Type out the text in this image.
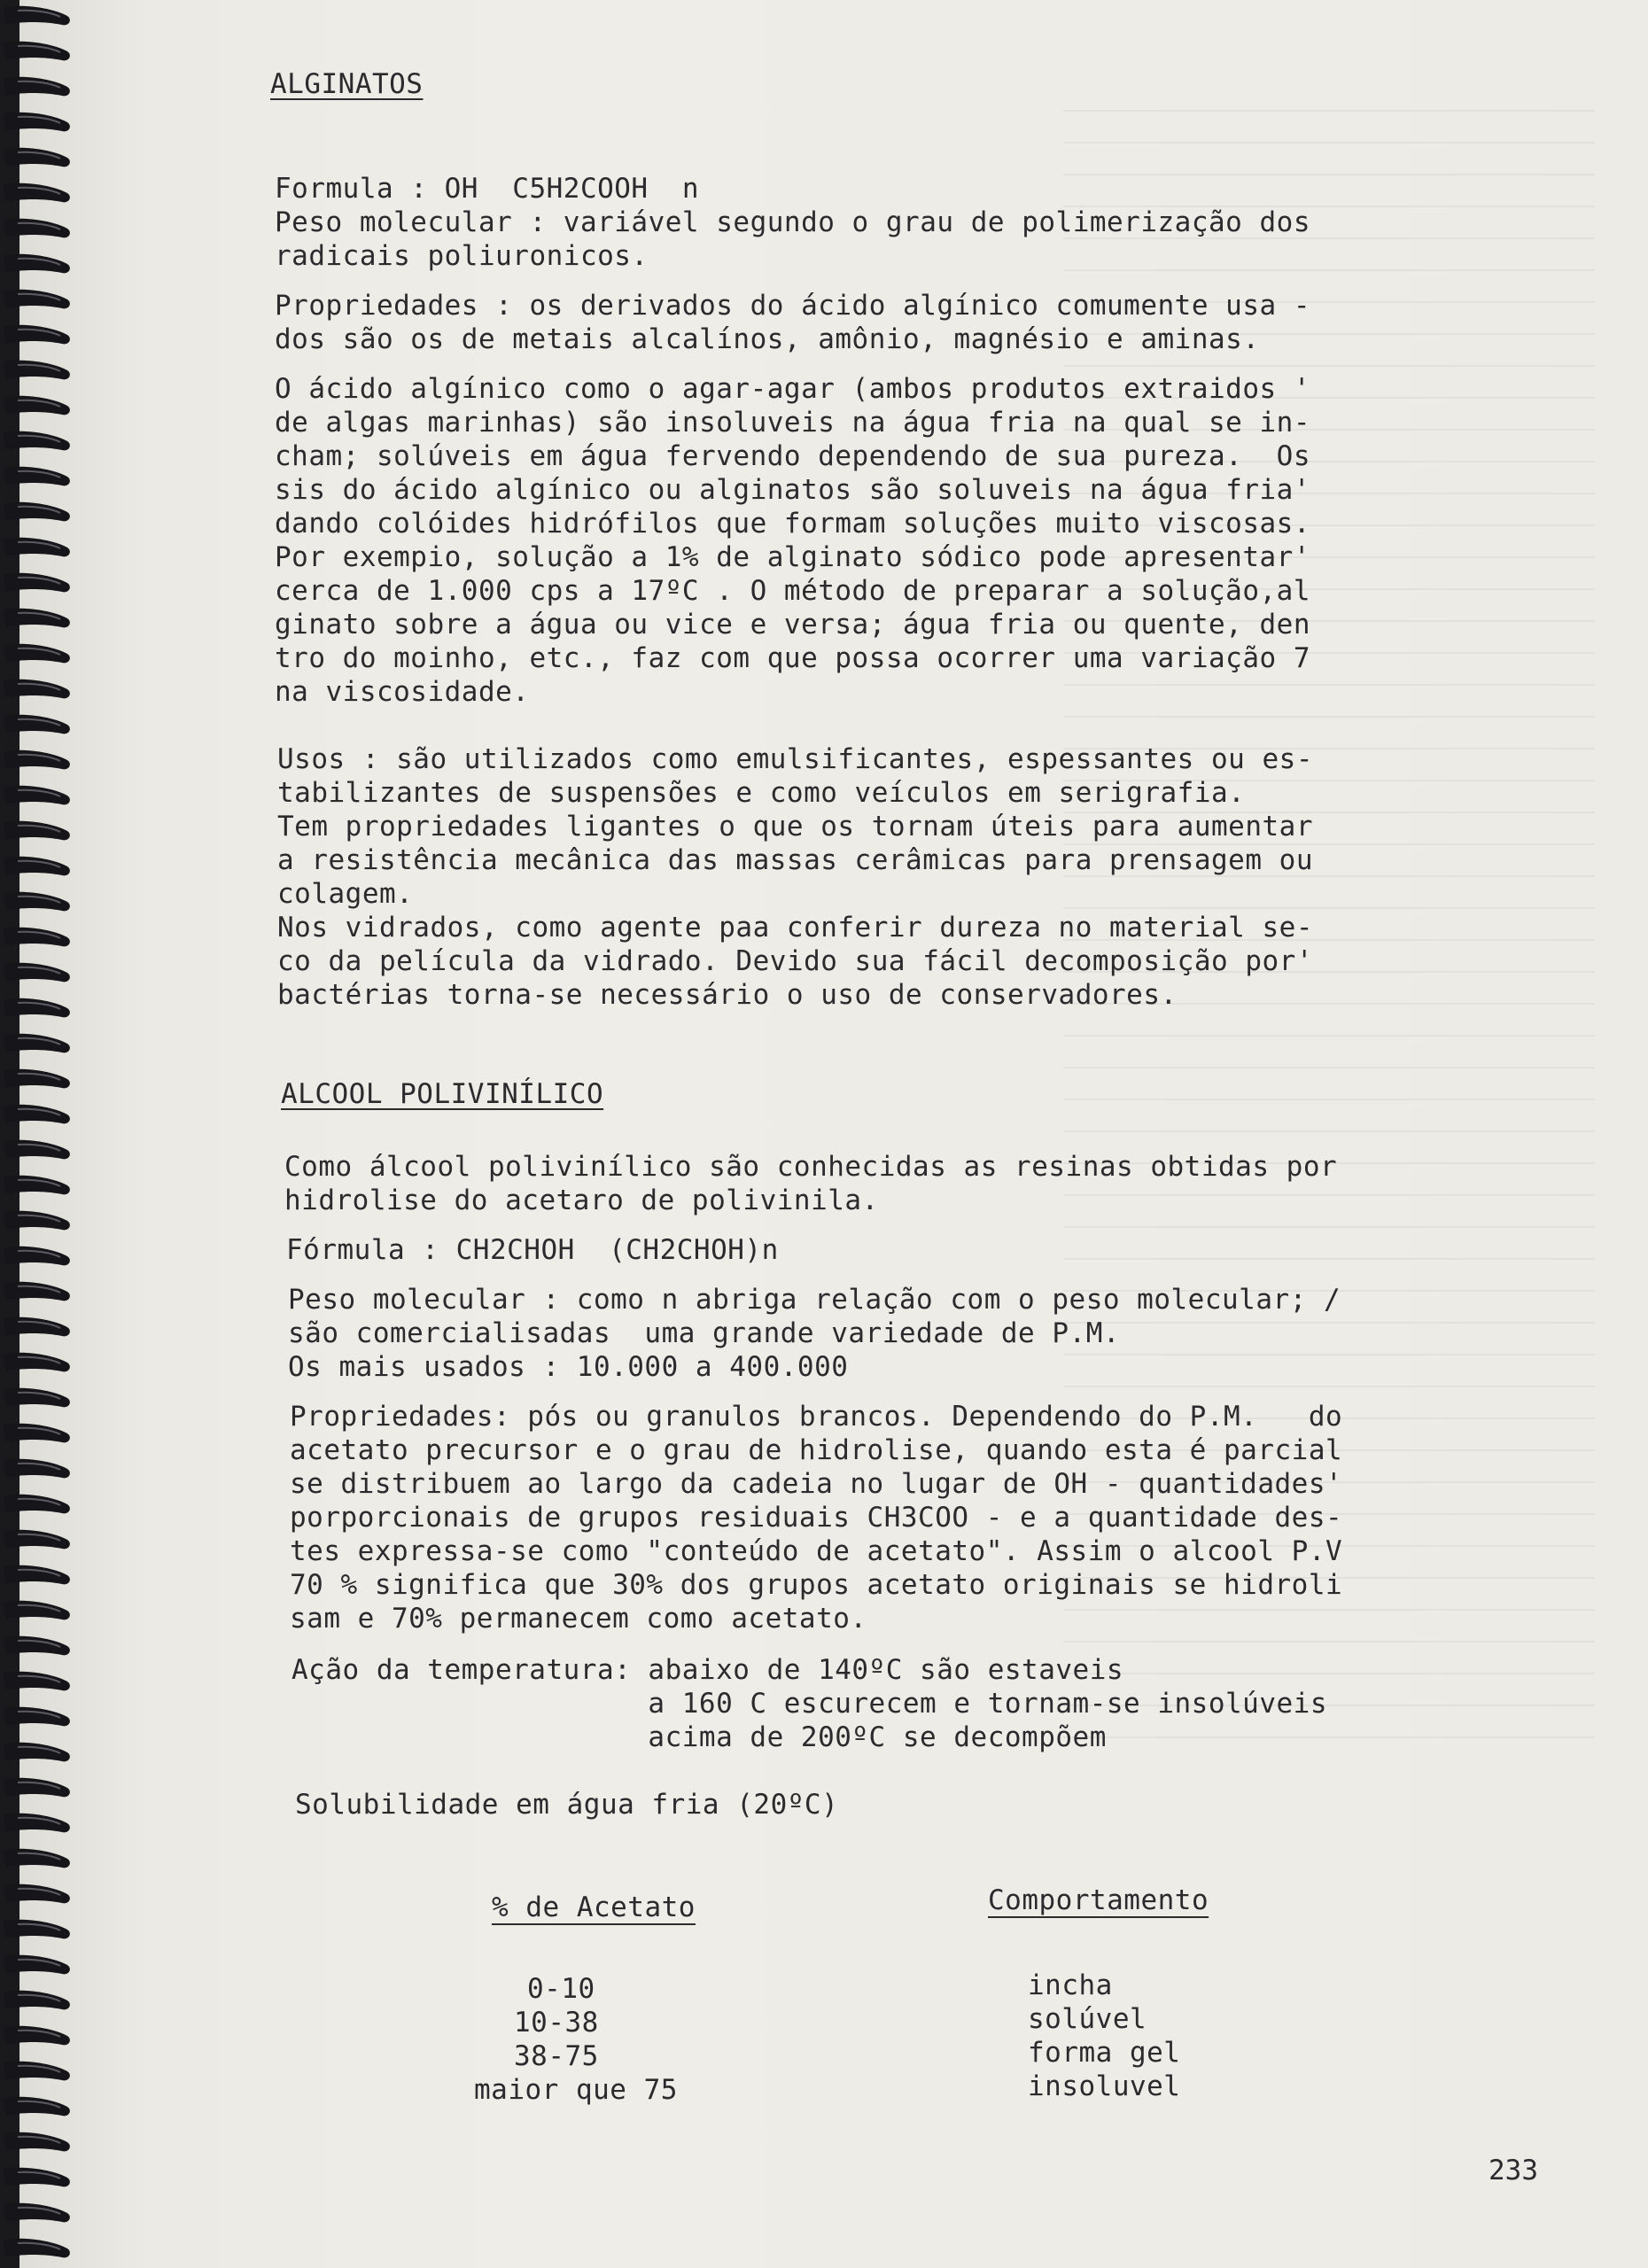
ALGINATOS
Formula : OH  C5H2COOH  n
Peso molecular : variável segundo o grau de polimerização dos
radicais poliuronicos.
Propriedades : os derivados do ácido algínico comumente usa -
dos são os de metais alcalínos, amônio, magnésio e aminas.
O ácido algínico como o agar-agar (ambos produtos extraidos '
de algas marinhas) são insoluveis na água fria na qual se in-
cham; solúveis em água fervendo dependendo de sua pureza.  Os
sis do ácido algínico ou alginatos são soluveis na água fria'
dando colóides hidrófilos que formam soluções muito viscosas.
Por exempio, solução a 1% de alginato sódico pode apresentar'
cerca de 1.000 cps a 17ºC . O método de preparar a solução,al
ginato sobre a água ou vice e versa; água fria ou quente, den
tro do moinho, etc., faz com que possa ocorrer uma variação 7
na viscosidade.
Usos : são utilizados como emulsificantes, espessantes ou es-
tabilizantes de suspensões e como veículos em serigrafia.
Tem propriedades ligantes o que os tornam úteis para aumentar
a resistência mecânica das massas cerâmicas para prensagem ou
colagem.
Nos vidrados, como agente paa conferir dureza no material se-
co da película da vidrado. Devido sua fácil decomposição por'
bactérias torna-se necessário o uso de conservadores.
ALCOOL POLIVINÍLICO
Como álcool polivinílico são conhecidas as resinas obtidas por
hidrolise do acetaro de polivinila.
Fórmula : CH2CHOH  (CH2CHOH)n
Peso molecular : como n abriga relação com o peso molecular; /
são comercialisadas  uma grande variedade de P.M.
Os mais usados : 10.000 a 400.000
Propriedades: pós ou granulos brancos. Dependendo do P.M.   do
acetato precursor e o grau de hidrolise, quando esta é parcial
se distribuem ao largo da cadeia no lugar de OH - quantidades'
porporcionais de grupos residuais CH3COO - e a quantidade des-
tes expressa-se como "conteúdo de acetato". Assim o alcool P.V
70 % significa que 30% dos grupos acetato originais se hidroli
sam e 70% permanecem como acetato.
Ação da temperatura: abaixo de 140ºC são estaveis
a 160 C escurecem e tornam-se insolúveis
acima de 200ºC se decompõem
Solubilidade em água fria (20ºC)
% de Acetato	Comportamento
0-10	incha
10-38	solúvel
38-75	forma gel
maior que 75	insoluvel
233
